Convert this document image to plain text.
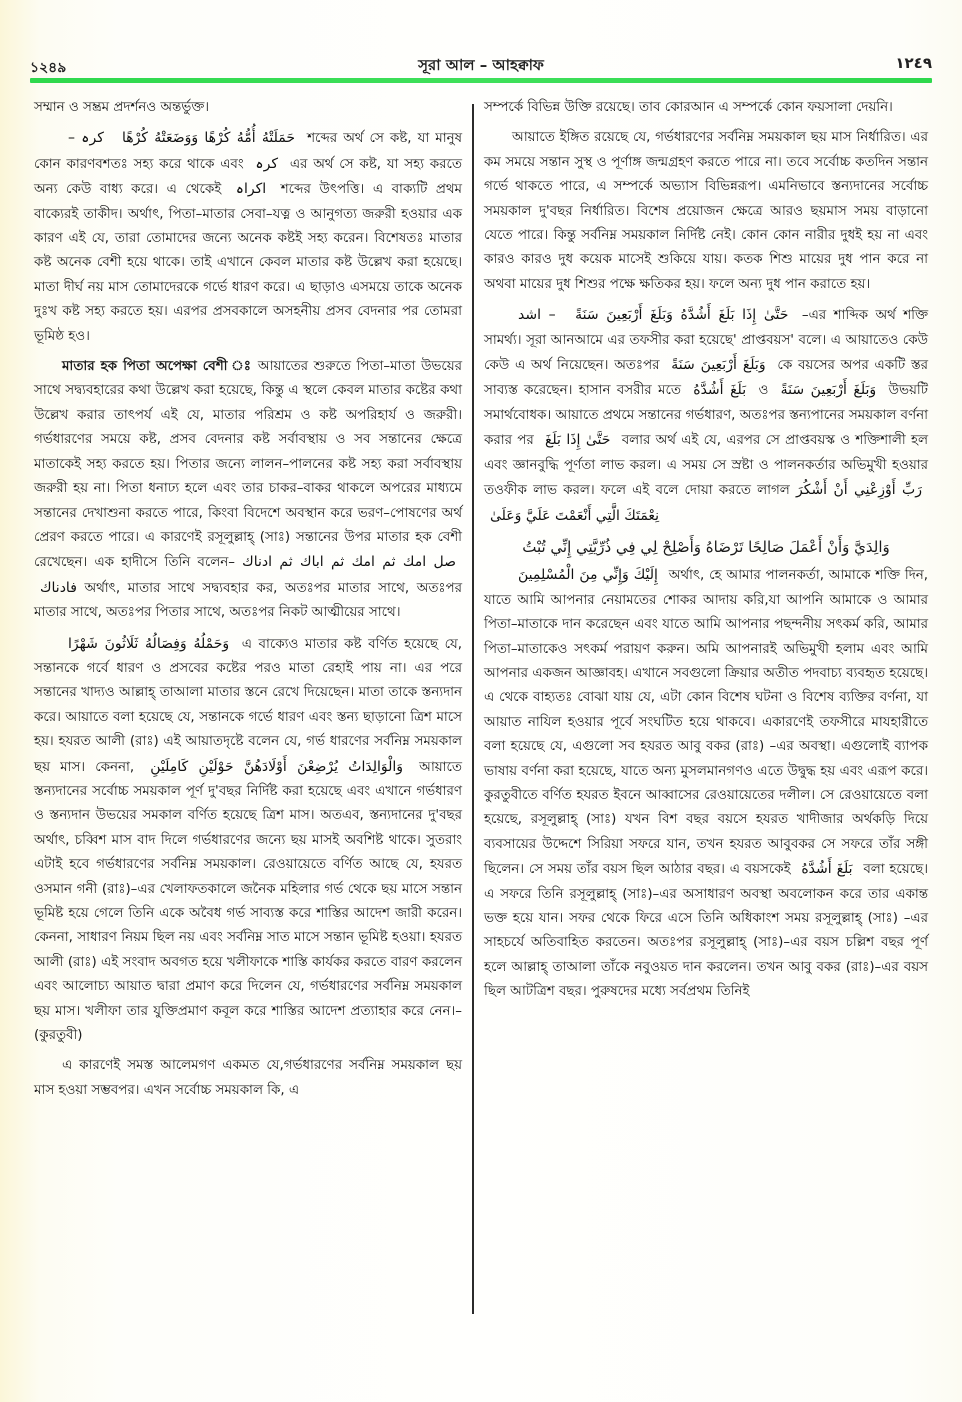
১২৪৯	সূরা আল – আহক্বাফ	١٢٤٩

সম্মান ও সম্ভ্রম প্রদর্শনও অন্তর্ভুক্ত।

حَمَلَتْهُ أُمُّهُ كُرْهًا وَوَضَعَتْهُ كُرْهًا کرہ –	শব্দের অর্থ সে কষ্ট, যা মানুষ কোন কারণবশতঃ সহ্য করে থাকে এবং کرہ এর অর্থ সে কষ্ট, যা সহ্য করতে অন্য কেউ বাধ্য করে। এ থেকেই اکراہ শব্দের উৎপত্তি। এ বাক্যটি প্রথম বাক্যেরই তাকীদ। অর্থাৎ, পিতা–মাতার সেবা–যত্ন ও আনুগত্য জরুরী হওয়ার এক কারণ এই যে, তারা তোমাদের জন্যে অনেক কষ্টই সহ্য করেন। বিশেষতঃ মাতার কষ্ট অনেক বেশী হয়ে থাকে। তাই এখানে কেবল মাতার কষ্ট উল্লেখ করা হয়েছে। মাতা দীর্ঘ নয় মাস তোমাদেরকে গর্ভে ধারণ করে। এ ছাড়াও এসময়ে তাকে অনেক দুঃখ কষ্ট সহ্য করতে হয়। এরপর প্রসবকালে অসহনীয় প্রসব বেদনার পর তোমরা ভূমিষ্ঠ হও।

মাতার হক পিতা অপেক্ষা বেশী ঃ আয়াতের শুরুতে পিতা–মাতা উভয়ের সাথে সদ্ব্যবহারের কথা উল্লেখ করা হয়েছে, কিন্তু এ স্থলে কেবল মাতার কষ্টের কথা উল্লেখ করার তাৎপর্য এই যে, মাতার পরিশ্রম ও কষ্ট অপরিহার্য ও জরুরী। গর্ভধারণের সময়ে কষ্ট, প্রসব বেদনার কষ্ট সর্বাবস্থায় ও সব সন্তানের ক্ষেত্রে মাতাকেই সহ্য করতে হয়। পিতার জন্যে লালন–পালনের কষ্ট সহ্য করা সর্বাবস্থায় জরুরী হয় না। পিতা ধনাঢ্য হলে এবং তার চাকর–বাকর থাকলে অপরের মাধ্যমে সন্তানের দেখাশুনা করতে পারে, কিংবা বিদেশে অবস্থান করে ভরণ–পোষণের অর্থ প্রেরণ করতে পারে। এ কারণেই রসূলুল্লাহ্ (সাঃ) সন্তানের উপর মাতার হক বেশী রেখেছেন। এক হাদীসে তিনি বলেন– صل امك ثم امك ثم اباك ثم ادناك فادناك অর্থাৎ, মাতার সাথে সদ্ব্যবহার কর, অতঃপর মাতার সাথে, অতঃপর মাতার সাথে, অতঃপর পিতার সাথে, অতঃপর নিকট আত্মীয়ের সাথে।

وَحَمْلُهُ وَفِصَالُهُ ثَلَاثُونَ شَهْرًا এ বাক্যেও মাতার কষ্ট বর্ণিত হয়েছে যে, সন্তানকে গর্বে ধারণ ও প্রসবের কষ্টের পরও মাতা রেহাই পায় না। এর পরে সন্তানের খাদ্যও আল্লাহ্ তাআলা মাতার স্তনে রেখে দিয়েছেন। মাতা তাকে স্তন্যদান করে। আয়াতে বলা হয়েছে যে, সন্তানকে গর্ভে ধারণ এবং স্তন্য ছাড়ানো ত্রিশ মাসে হয়। হযরত আলী (রাঃ) এই আয়াতদৃষ্টে বলেন যে, গর্ভ ধারণের সর্বনিম্ন সময়কাল ছয় মাস। কেননা, وَالْوَالِدَاتُ يُرْضِعْنَ أَوْلَادَهُنَّ حَوْلَيْنِ كَامِلَيْنِ আয়াতে স্তন্যদানের সর্বোচ্চ সময়কাল পূর্ণ দু'বছর নির্দিষ্ট করা হয়েছে এবং এখানে গর্ভধারণ ও স্তন্যদান উভয়ের সমকাল বর্ণিত হয়েছে ত্রিশ মাস। অতএব, স্তন্যদানের দু'বছর অর্থাৎ, চব্বিশ মাস বাদ দিলে গর্ভধারণের জন্যে ছয় মাসই অবশিষ্ট থাকে। সুতরাং এটাই হবে গর্ভধারণের সর্বনিম্ন সময়কাল। রেওয়ায়েতে বর্ণিত আছে যে, হযরত ওসমান গনী (রাঃ)–এর খেলাফতকালে জনৈক মহিলার গর্ভ থেকে ছয় মাসে সন্তান ভূমিষ্ট হয়ে গেলে তিনি একে অবৈধ গর্ভ সাব্যস্ত করে শাস্তির আদেশ জারী করেন। কেননা, সাধারণ নিয়ম ছিল নয় এবং সর্বনিম্ন সাত মাসে সন্তান ভূমিষ্ট হওয়া। হযরত আলী (রাঃ) এই সংবাদ অবগত হয়ে খলীফাকে শাস্তি কার্যকর করতে বারণ করলেন এবং আলোচ্য আয়াত দ্বারা প্রমাণ করে দিলেন যে, গর্ভধারণের সর্বনিম্ন সময়কাল ছয় মাস। খলীফা তার যুক্তিপ্রমাণ কবূল করে শাস্তির আদেশ প্রত্যাহার করে নেন।–(কুরতুবী)

এ কারণেই সমস্ত আলেমগণ একমত যে,গর্ভধারণের সর্বনিম্ন সময়কাল ছয় মাস হওয়া সম্ভবপর। এখন সর্বোচ্চ সময়কাল কি, এ

সম্পর্কে বিভিন্ন উক্তি রয়েছে। তাব কোরআন এ সম্পর্কে কোন ফয়সালা দেয়নি।

আয়াতে ইঙ্গিত রয়েছে যে, গর্ভধারণের সর্বনিম্ন সময়কাল ছয় মাস নির্ধারিত। এর কম সময়ে সন্তান সুস্থ ও পূর্ণাঙ্গ জন্মগ্রহণ করতে পারে না। তবে সর্বোচ্চ কতদিন সন্তান গর্ভে থাকতে পারে, এ সম্পর্কে অভ্যাস বিভিন্নরূপ। এমনিভাবে স্তন্যদানের সর্বোচ্চ সময়কাল দু'বছর নির্ধারিত। বিশেষ প্রয়োজন ক্ষেত্রে আরও ছয়মাস সময় বাড়ানো যেতে পারে। কিন্তু সর্বনিম্ন সময়কাল নির্দিষ্ট নেই। কোন কোন নারীর দুধই হয় না এবং কারও কারও দুধ কয়েক মাসেই শুকিয়ে যায়। কতক শিশু মায়ের দুধ পান করে না অথবা মায়ের দুধ শিশুর পক্ষে ক্ষতিকর হয়। ফলে অন্য দুধ পান করাতে হয়।

حَتَّىٰ إِذَا بَلَغَ أَشُدَّهُ وَبَلَغَ أَرْبَعِينَ سَنَةً – اشد	–এর শাব্দিক অর্থ শক্তি সামর্থ্য। সূরা আনআমে এর তফসীর করা হয়েছে' প্রাপ্তবয়স' বলে। এ আয়াতেও কেউ কেউ এ অর্থ নিয়েছেন। অতঃপর وَبَلَغَ أَرْبَعِينَ سَنَةً কে বয়সের অপর একটি স্তর সাব্যস্ত করেছেন। হাসান বসরীর মতে بَلَغَ أَشُدَّهُ ও وَبَلَغَ أَرْبَعِينَ سَنَةً উভয়টি সমার্থবোধক। আয়াতে প্রথমে সন্তানের গর্ভধারণ, অতঃপর স্তন্যপানের সময়কাল বর্ণনা করার পর حَتَّىٰ إِذَا بَلَغَ বলার অর্থ এই যে, এরপর সে প্রাপ্তবয়স্ক ও শক্তিশালী হল এবং জ্ঞানবুদ্ধি পূর্ণতা লাভ করল। এ সময় সে স্রষ্টা ও পালনকর্তার অভিমুখী হওয়ার তওফীক লাভ করল। ফলে এই বলে দোয়া করতে লাগল رَبِّ أَوْزِعْنِي أَنْ أَشْكُرَ نِعْمَتَكَ الَّتِي أَنْعَمْتَ عَلَيَّ وَعَلَىٰ

وَالِدَيَّ وَأَنْ أَعْمَلَ صَالِحًا تَرْضَاهُ وَأَصْلِحْ لِي فِي ذُرِّيَّتِي إِنِّي تُبْتُ

إِلَيْكَ وَإِنِّي مِنَ الْمُسْلِمِينَ অর্থাৎ, হে আমার পালনকর্তা, আমাকে শক্তি দিন, যাতে আমি আপনার নেয়ামতের শোকর আদায় করি,যা আপনি আমাকে ও আমার পিতা–মাতাকে দান করেছেন এবং যাতে আমি আপনার পছন্দনীয় সৎকর্ম করি, আমার পিতা–মাতাকেও সৎকর্ম পরায়ণ করুন। অমি আপনারই অভিমুখী হলাম এবং আমি আপনার একজন আজ্ঞাবহ। এখানে সবগুলো ক্রিয়ার অতীত পদবাচ্য ব্যবহৃত হয়েছে। এ থেকে বাহ্যতঃ বোঝা যায় যে, এটা কোন বিশেষ ঘটনা ও বিশেষ ব্যক্তির বর্ণনা, যা আয়াত নাযিল হওয়ার পূর্বে সংঘটিত হয়ে থাকবে। একারণেই তফসীরে মাযহারীতে বলা হয়েছে যে, এগুলো সব হযরত আবু বকর (রাঃ) –এর অবস্থা। এগুলোই ব্যাপক ভাষায় বর্ণনা করা হয়েছে, যাতে অন্য মুসলমানগণও এতে উদ্বুদ্ধ হয় এবং এরূপ করে। কুরতুবীতে বর্ণিত হযরত ইবনে আব্বাসের রেওয়ায়েতের দলীল। সে রেওয়ায়েতে বলা হয়েছে, রসূলুল্লাহ্ (সাঃ) যখন বিশ বছর বয়সে হযরত খাদীজার অর্থকড়ি দিয়ে ব্যবসায়ের উদ্দেশে সিরিয়া সফরে যান, তখন হযরত আবুবকর সে সফরে তাঁর সঙ্গী ছিলেন। সে সময় তাঁর বয়স ছিল আঠার বছর। এ বয়সকেই بَلَغَ أَشُدَّهُ বলা হয়েছে। এ সফরে তিনি রসূলুল্লাহ্ (সাঃ)–এর অসাধারণ অবস্থা অবলোকন করে তার একান্ত ভক্ত হয়ে যান। সফর থেকে ফিরে এসে তিনি অধিকাংশ সময় রসূলুল্লাহ্ (সাঃ) –এর সাহচর্যে অতিবাহিত করতেন। অতঃপর রসূলুল্লাহ্ (সাঃ)–এর বয়স চল্লিশ বছর পূর্ণ হলে আল্লাহ্ তাআলা তাঁকে নবুওয়ত দান করলেন। তখন আবু বকর (রাঃ)–এর বয়স ছিল আটত্রিশ বছর। পুরুষদের মধ্যে সর্বপ্রথম তিনিই
